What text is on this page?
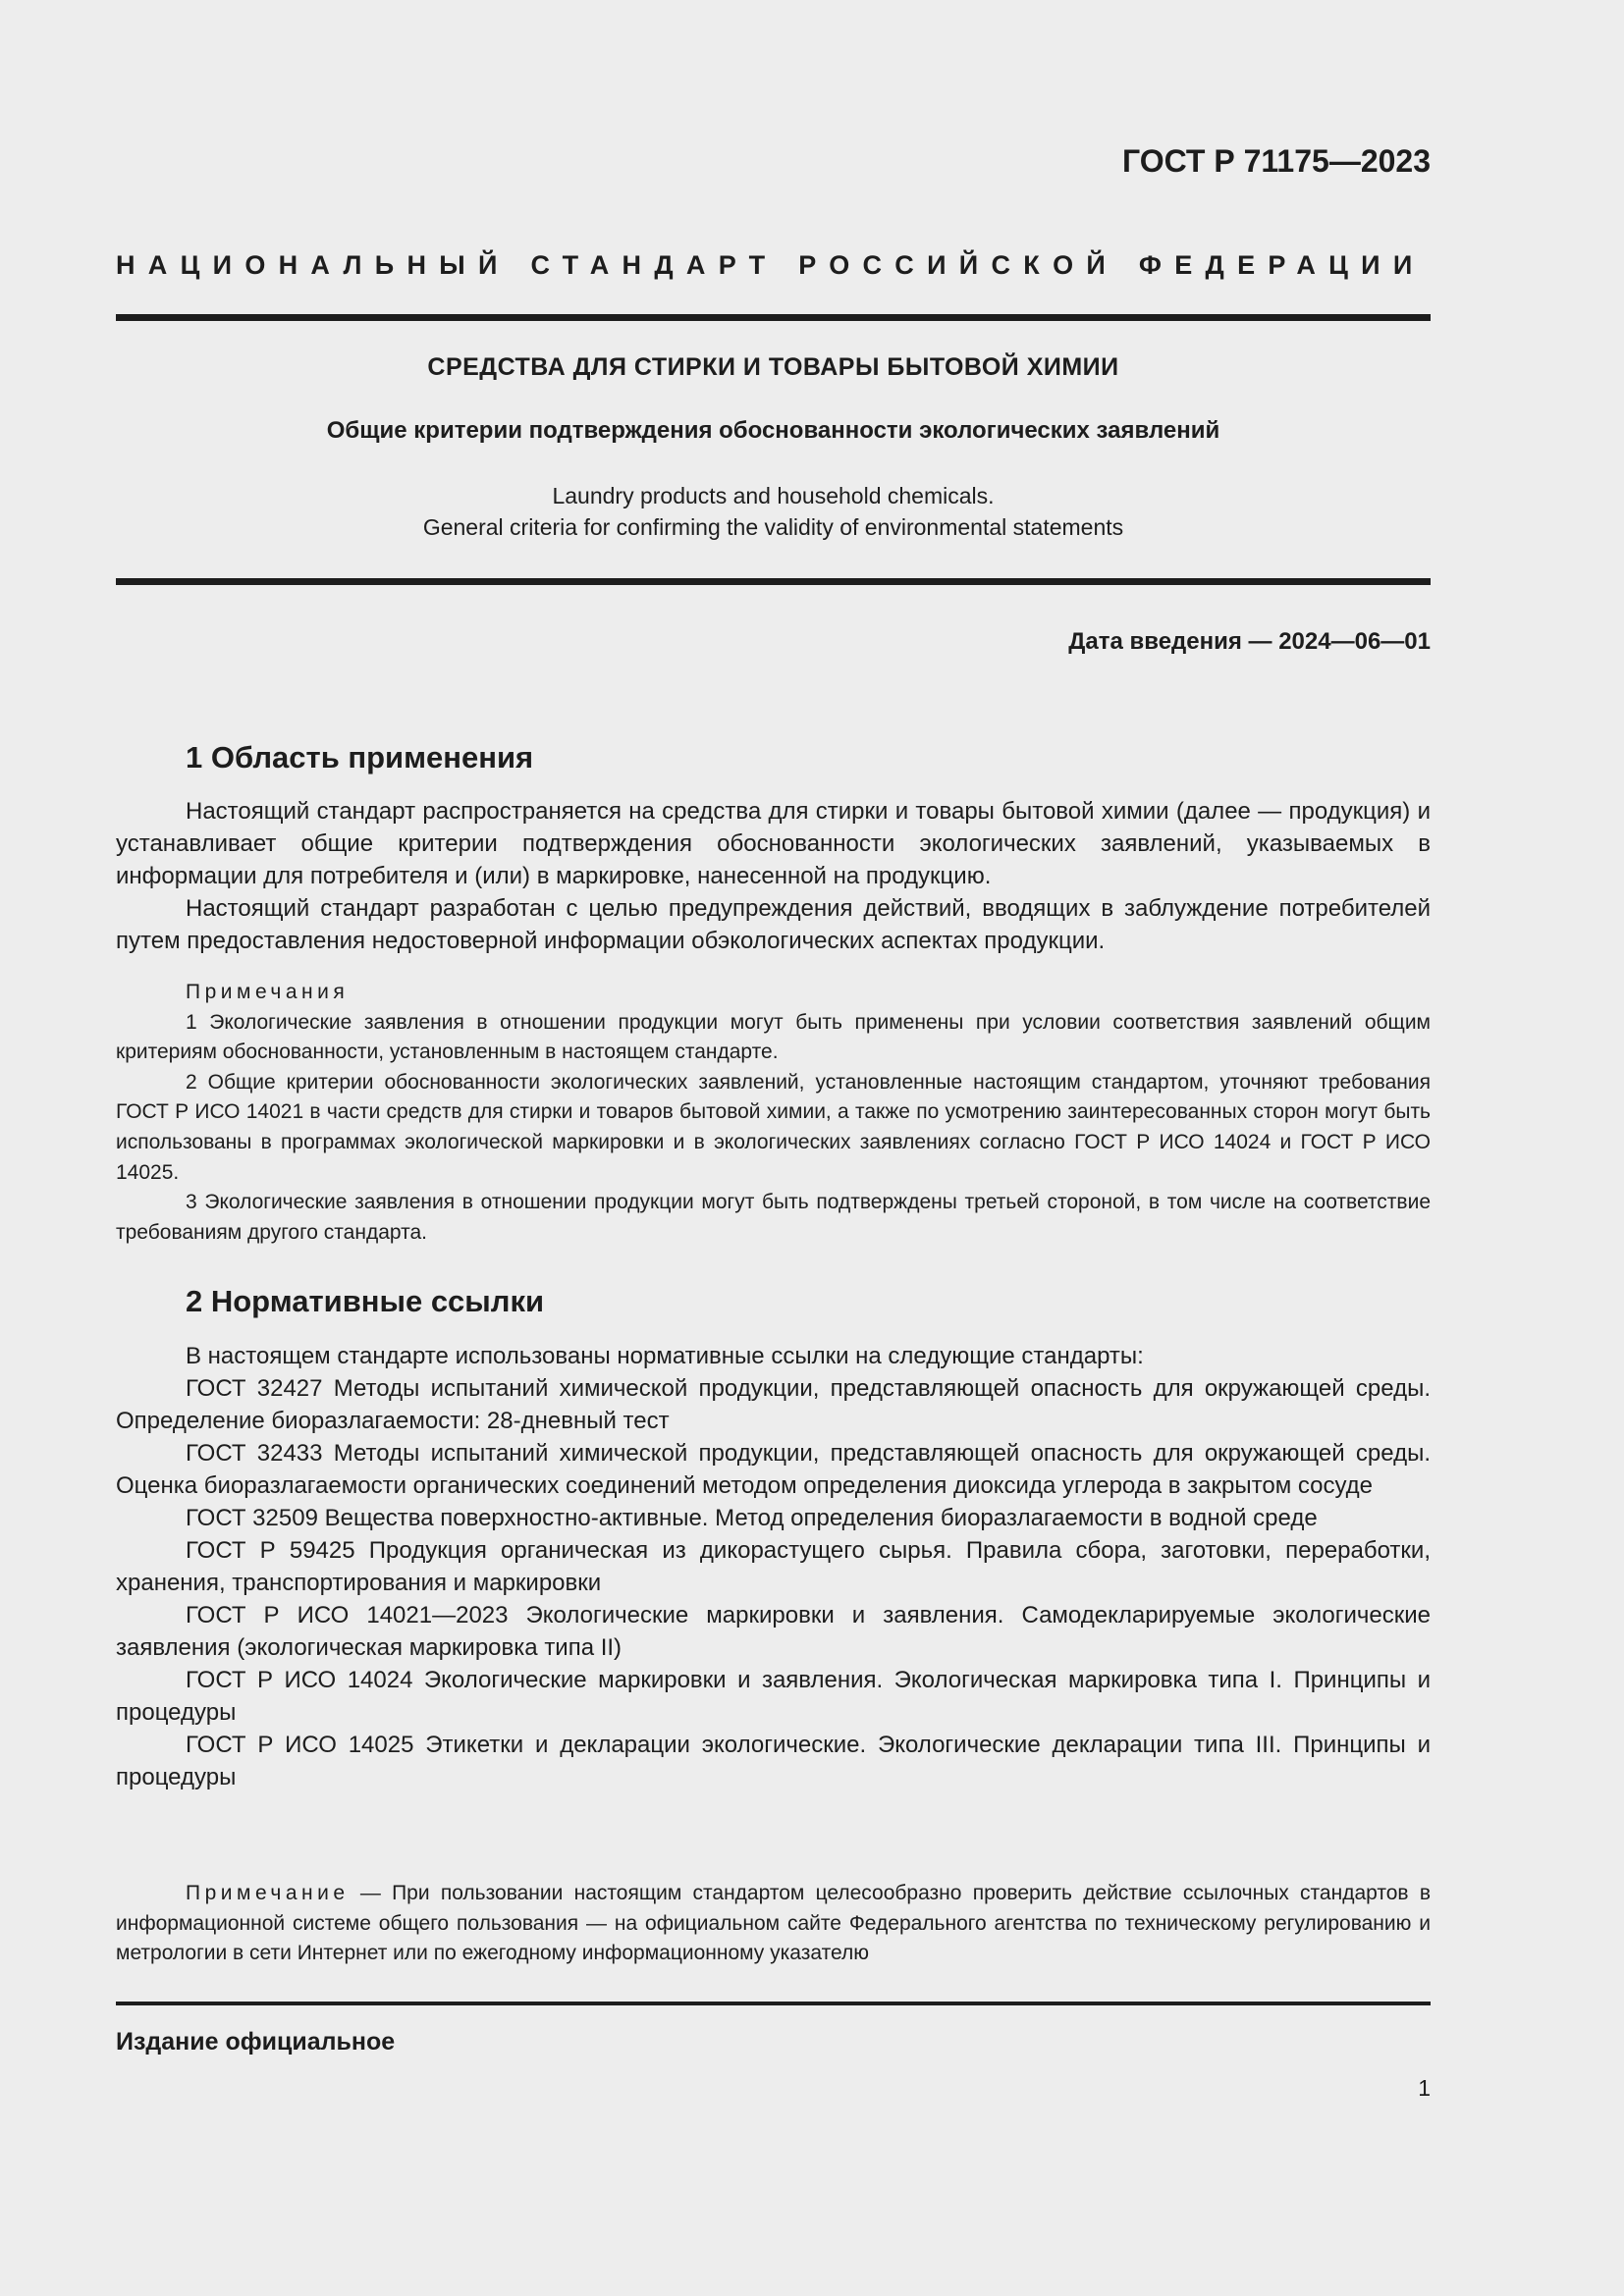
ГОСТ Р 71175—2023
НАЦИОНАЛЬНЫЙ СТАНДАРТ РОССИЙСКОЙ ФЕДЕРАЦИИ
СРЕДСТВА ДЛЯ СТИРКИ И ТОВАРЫ БЫТОВОЙ ХИМИИ
Общие критерии подтверждения обоснованности экологических заявлений
Laundry products and household chemicals.
General criteria for confirming the validity of environmental statements
Дата введения — 2024—06—01
1 Область применения

Настоящий стандарт распространяется на средства для стирки и товары бытовой химии (далее — продукция) и устанавливает общие критерии подтверждения обоснованности экологических заявлений, указываемых в информации для потребителя и (или) в маркировке, нанесенной на продукцию.

Настоящий стандарт разработан с целью предупреждения действий, вводящих в заблуждение потребителей путем предоставления недостоверной информации обэкологических аспектах продукции.

Примечания

1 Экологические заявления в отношении продукции могут быть применены при условии соответствия заявлений общим критериям обоснованности, установленным в настоящем стандарте.

2 Общие критерии обоснованности экологических заявлений, установленные настоящим стандартом, уточняют требования ГОСТ Р ИСО 14021 в части средств для стирки и товаров бытовой химии, а также по усмотрению заинтересованных сторон могут быть использованы в программах экологической маркировки и в экологических заявлениях согласно ГОСТ Р ИСО 14024 и ГОСТ Р ИСО 14025.

3 Экологические заявления в отношении продукции могут быть подтверждены третьей стороной, в том числе на соответствие требованиям другого стандарта.

2 Нормативные ссылки

В настоящем стандарте использованы нормативные ссылки на следующие стандарты:

ГОСТ 32427 Методы испытаний химической продукции, представляющей опасность для окружающей среды. Определение биоразлагаемости: 28-дневный тест

ГОСТ 32433 Методы испытаний химической продукции, представляющей опасность для окружающей среды. Оценка биоразлагаемости органических соединений методом определения диоксида углерода в закрытом сосуде

ГОСТ 32509 Вещества поверхностно-активные. Метод определения биоразлагаемости в водной среде

ГОСТ Р 59425 Продукция органическая из дикорастущего сырья. Правила сбора, заготовки, переработки, хранения, транспортирования и маркировки

ГОСТ Р ИСО 14021—2023 Экологические маркировки и заявления. Самодекларируемые экологические заявления (экологическая маркировка типа II)

ГОСТ Р ИСО 14024 Экологические маркировки и заявления. Экологическая маркировка типа I. Принципы и процедуры

ГОСТ Р ИСО 14025 Этикетки и декларации экологические. Экологические декларации типа III. Принципы и процедуры

Примечание — При пользовании настоящим стандартом целесообразно проверить действие ссылочных стандартов в информационной системе общего пользования — на официальном сайте Федерального агентства по техническому регулированию и метрологии в сети Интернет или по ежегодному информационному указателю

Издание официальное
1
